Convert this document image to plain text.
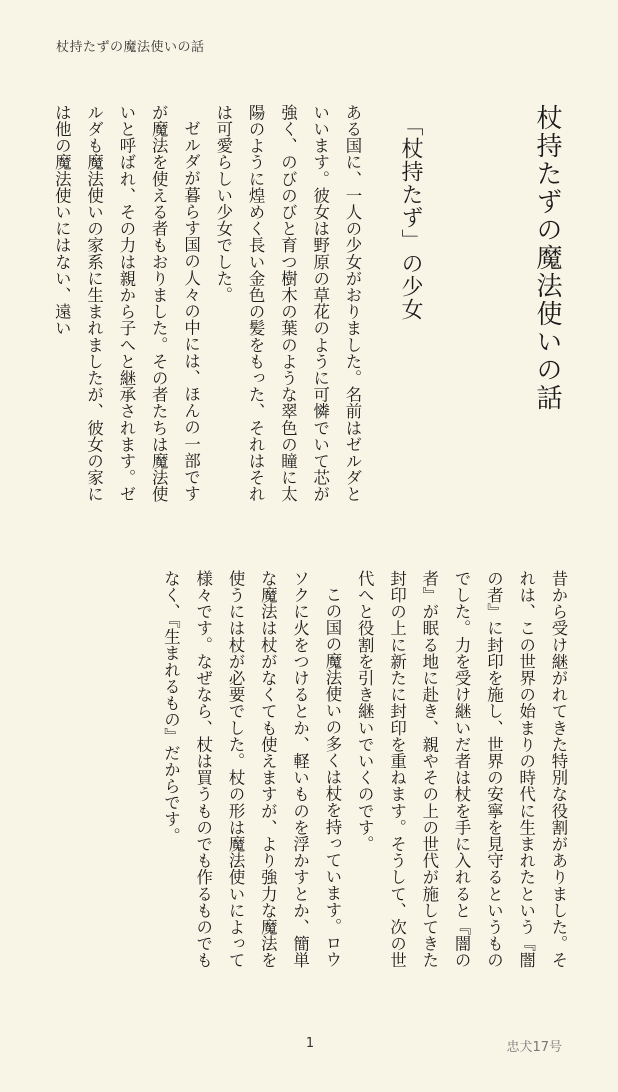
杖持たずの魔法使いの話
杖持たずの魔法使いの話
「杖持たず」の少女

ある国に、一人の少女がおりました。名前はゼルダといいます。彼女は野原の草花のように可憐でいて芯が強く、のびのびと育つ樹木の葉のような翠色の瞳に太陽のように煌めく長い金色の髪をもった、それはそれは可愛らしい少女でした。

ゼルダが暮らす国の人々の中には、ほんの一部ですが魔法を使える者もおりました。その者たちは魔法使いと呼ばれ、その力は親から子へと継承されます。ゼルダも魔法使いの家系に生まれましたが、彼女の家には他の魔法使いにはない、遠い

昔から受け継がれてきた特別な役割がありました。それは、この世界の始まりの時代に生まれたという『闇の者』に封印を施し、世界の安寧を見守るというものでした。力を受け継いだ者は杖を手に入れると『闇の者』が眠る地に赴き、親やその上の世代が施してきた封印の上に新たに封印を重ねます。そうして、次の世代へと役割を引き継いでいくのです。

この国の魔法使いの多くは杖を持っています。ロウソクに火をつけるとか、軽いものを浮かすとか、簡単な魔法は杖がなくても使えますが、より強力な魔法を使うには杖が必要でした。杖の形は魔法使いによって様々です。なぜなら、杖は買うものでも作るものでもなく、『生まれるもの』だからです。

1	忠犬17号
